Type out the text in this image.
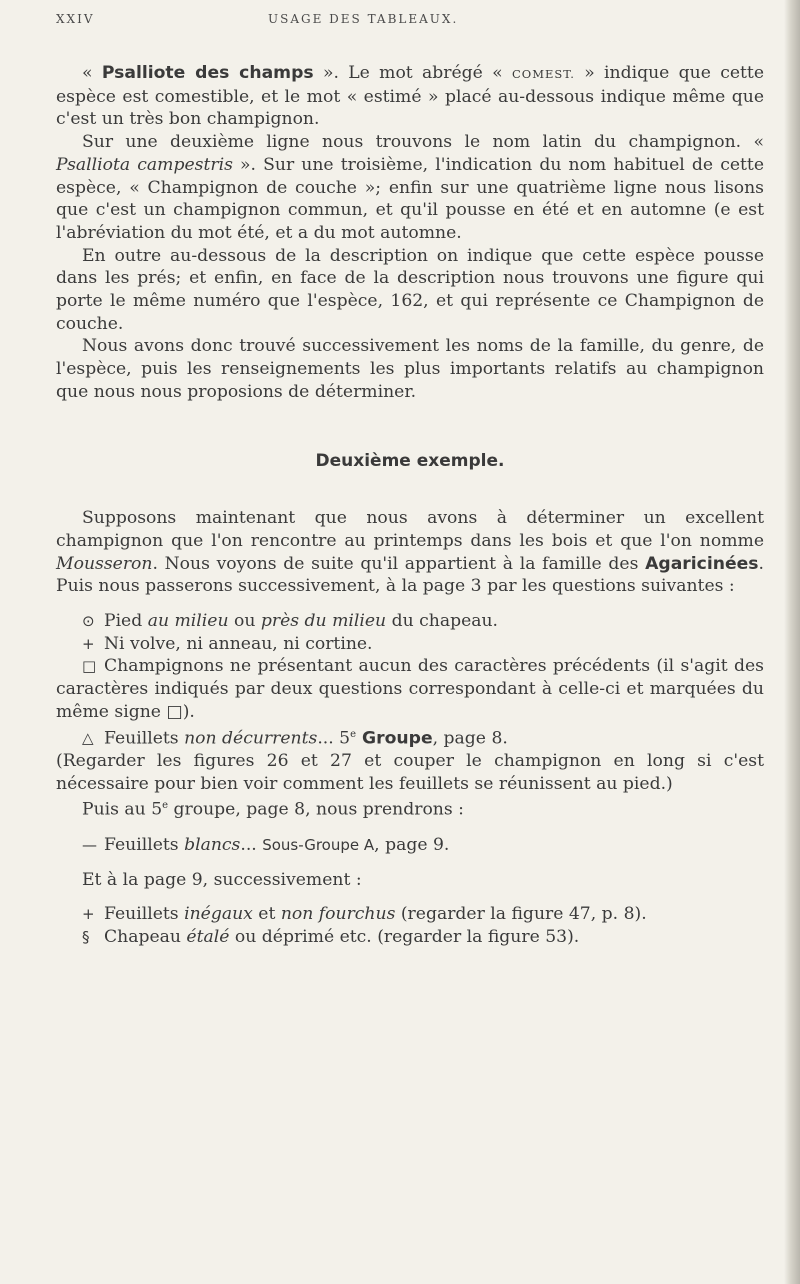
XXIV	USAGE DES TABLEAUX.

« Psalliote des champs ». Le mot abrégé « COMEST. » indique que cette espèce est comestible, et le mot « estimé » placé au-dessous indique même que c'est un très bon champignon.

Sur une deuxième ligne nous trouvons le nom latin du champignon. « Psalliota campestris ». Sur une troisième, l'indication du nom habituel de cette espèce, « Champignon de couche »; enfin sur une quatrième ligne nous lisons que c'est un champignon commun, et qu'il pousse en été et en automne (e est l'abréviation du mot été, et a du mot automne.

En outre au-dessous de la description on indique que cette espèce pousse dans les prés; et enfin, en face de la description nous trouvons une figure qui porte le même numéro que l'espèce, 162, et qui représente ce Champignon de couche.

Nous avons donc trouvé successivement les noms de la famille, du genre, de l'espèce, puis les renseignements les plus importants relatifs au champignon que nous nous proposions de déterminer.

Deuxième exemple.

Supposons maintenant que nous avons à déterminer un excellent champignon que l'on rencontre au printemps dans les bois et que l'on nomme Mousseron. Nous voyons de suite qu'il appartient à la famille des Agaricinées. Puis nous passerons successivement, à la page 3 par les questions suivantes :

⊙ Pied au milieu ou près du milieu du chapeau.

+ Ni volve, ni anneau, ni cortine.

□ Champignons ne présentant aucun des caractères précédents (il s'agit des caractères indiqués par deux questions correspondant à celle-ci et marquées du même signe □).

△ Feuillets non décurrents... 5e Groupe, page 8.

(Regarder les figures 26 et 27 et couper le champignon en long si c'est nécessaire pour bien voir comment les feuillets se réunissent au pied.)

Puis au 5e groupe, page 8, nous prendrons :

— Feuillets blancs... Sous-Groupe A, page 9.

Et à la page 9, successivement :

+ Feuillets inégaux et non fourchus (regarder la figure 47, p. 8).

§ Chapeau étalé ou déprimé etc. (regarder la figure 53).
